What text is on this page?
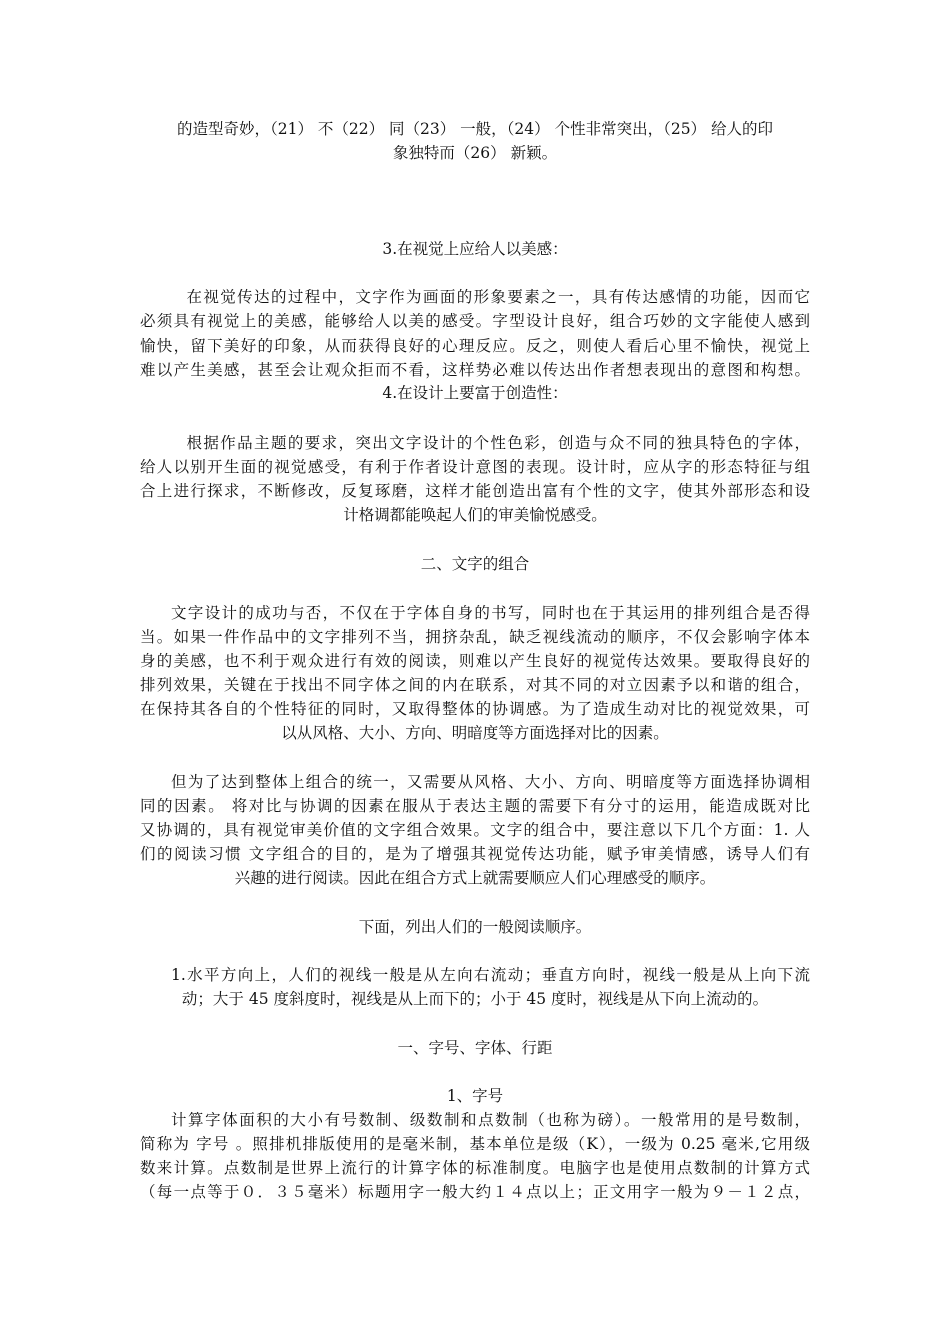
的造型奇妙，（21） 不（22） 同（23） 一般，（24） 个性非常突出，（25） 给人的印

象独特而（26） 新颖。

3.在视觉上应给人以美感：

在视觉传达的过程中，文字作为画面的形象要素之一，具有传达感情的功能，因而它

必须具有视觉上的美感，能够给人以美的感受。字型设计良好，组合巧妙的文字能使人感到

愉快，留下美好的印象，从而获得良好的心理反应。反之，则使人看后心里不愉快，视觉上

难以产生美感，甚至会让观众拒而不看，这样势必难以传达出作者想表现出的意图和构想。

4.在设计上要富于创造性：

根据作品主题的要求，突出文字设计的个性色彩，创造与众不同的独具特色的字体，

给人以别开生面的视觉感受，有利于作者设计意图的表现。设计时，应从字的形态特征与组

合上进行探求，不断修改，反复琢磨，这样才能创造出富有个性的文字，使其外部形态和设

计格调都能唤起人们的审美愉悦感受。

二、文字的组合

文字设计的成功与否，不仅在于字体自身的书写，同时也在于其运用的排列组合是否得

当。如果一件作品中的文字排列不当，拥挤杂乱，缺乏视线流动的顺序，不仅会影响字体本

身的美感，也不利于观众进行有效的阅读，则难以产生良好的视觉传达效果。要取得良好的

排列效果，关键在于找出不同字体之间的内在联系，对其不同的对立因素予以和谐的组合，

在保持其各自的个性特征的同时，又取得整体的协调感。为了造成生动对比的视觉效果，可

以从风格、大小、方向、明暗度等方面选择对比的因素。

但为了达到整体上组合的统一，又需要从风格、大小、方向、明暗度等方面选择协调相

同的因素。 将对比与协调的因素在服从于表达主题的需要下有分寸的运用，能造成既对比

又协调的，具有视觉审美价值的文字组合效果。文字的组合中，要注意以下几个方面：1. 人

们的阅读习惯 文字组合的目的，是为了增强其视觉传达功能，赋予审美情感，诱导人们有

兴趣的进行阅读。因此在组合方式上就需要顺应人们心理感受的顺序。

下面，列出人们的一般阅读顺序。

1.水平方向上，人们的视线一般是从左向右流动；垂直方向时，视线一般是从上向下流

动；大于 45 度斜度时，视线是从上而下的；小于 45 度时，视线是从下向上流动的。

一、字号、字体、行距

1、字号

计算字体面积的大小有号数制、级数制和点数制（也称为磅）。一般常用的是号数制，

简称为 字号 。照排机排版使用的是毫米制，基本单位是级（K），一级为 0.25 毫米,它用级

数来计算。点数制是世界上流行的计算字体的标准制度。电脑字也是使用点数制的计算方式

（每一点等于０．３５毫米）标题用字一般大约１４点以上；正文用字一般为９－１２点，
